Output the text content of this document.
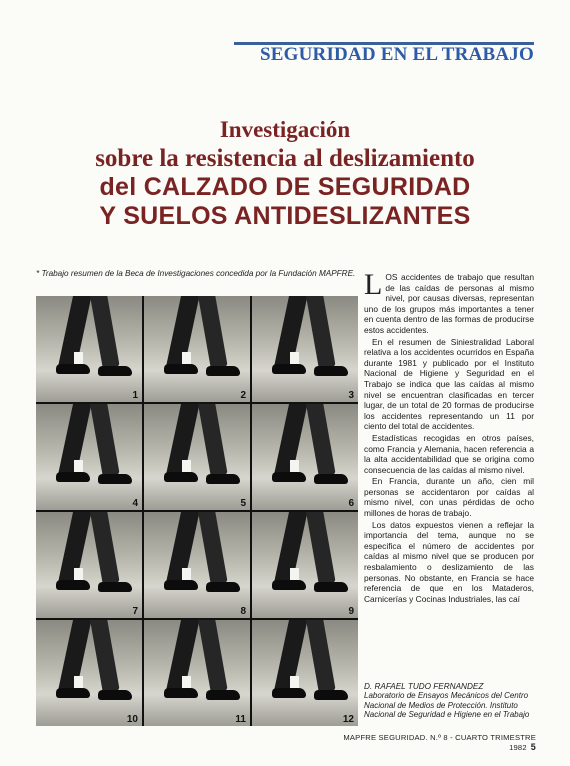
SEGURIDAD EN EL TRABAJO
Investigación
sobre la resistencia al deslizamiento
del CALZADO DE SEGURIDAD
Y SUELOS ANTIDESLIZANTES
* Trabajo resumen de la Beca de Investigaciones concedida por la Fundación MAPFRE.
1	2	3
4	5	6
7	8	9
10	11	12

LOS accidentes de trabajo que resultan de las caídas de personas al mismo nivel, por causas diversas, representan uno de los grupos más importantes a tener en cuenta dentro de las formas de producirse estos accidentes.

En el resumen de Siniestralidad Laboral relativa a los accidentes ocurridos en España durante 1981 y publicado por el Instituto Nacional de Higiene y Seguridad en el Trabajo se indica que las caídas al mismo nivel se encuentran clasificadas en tercer lugar, de un total de 20 formas de producirse los accidentes representando un 11 por ciento del total de accidentes.

Estadísticas recogidas en otros países, como Francia y Alemania, hacen referencia a la alta accidentabilidad que se origina como consecuencia de las caídas al mismo nivel.

En Francia, durante un año, cien mil personas se accidentaron por caídas al mismo nivel, con unas pérdidas de ocho millones de horas de trabajo.

Los datos expuestos vienen a reflejar la importancia del tema, aunque no se especifica el número de accidentes por caídas al mismo nivel que se producen por resbalamiento o deslizamiento de las personas. No obstante, en Francia se hace referencia de que en los Mataderos, Carnicerías y Cocinas Industriales, las caí

D. RAFAEL TUDO FERNANDEZ
Laboratorio de Ensayos Mecánicos del Centro Nacional de Medios de Protección. Instituto Nacional de Seguridad e Higiene en el Trabajo
MAPFRE SEGURIDAD. N.º 8 - CUARTO TRIMESTRE 1982 5
